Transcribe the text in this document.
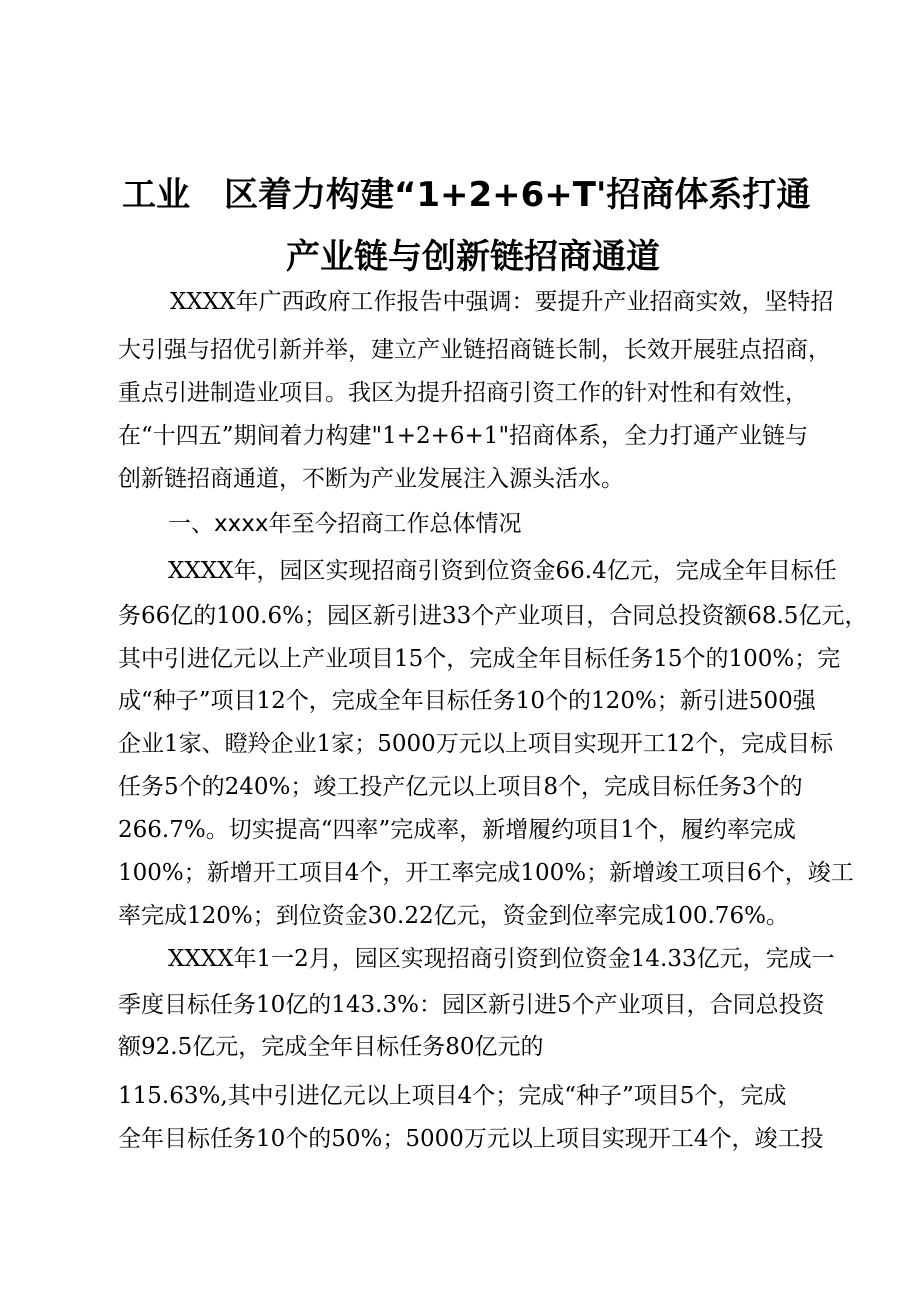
工业 区着力构建“1+2+6+T'招商体系打通
产业链与创新链招商通道
XXXX年广西政府工作报告中强调：要提升产业招商实效，坚特招
大引强与招优引新并举，建立产业链招商链长制，长效开展驻点招商，
重点引进制造业项目。我区为提升招商引资工作的针对性和有效性，
在“十四五”期间着力构建"1+2+6+1"招商体系，全力打通产业链与
创新链招商通道，不断为产业发展注入源头活水。
一、xxxx年至今招商工作总体情况
XXXX年，园区实现招商引资到位资金66.4亿元，完成全年目标任
务66亿的100.6%；园区新引进33个产业项目，合同总投资额68.5亿元，
其中引进亿元以上产业项目15个，完成全年目标任务15个的100%；完
成“种子”项目12个，完成全年目标任务10个的120%；新引进500强
企业1家、瞪羚企业1家；5000万元以上项目实现开工12个，完成目标
任务5个的240%；竣工投产亿元以上项目8个，完成目标任务3个的
266.7%。切实提高“四率”完成率，新增履约项目1个，履约率完成
100%；新增开工项目4个，开工率完成100%；新增竣工项目6个，竣工
率完成120%；到位资金30.22亿元，资金到位率完成100.76%。
XXXX年1一2月，园区实现招商引资到位资金14.33亿元，完成一
季度目标任务10亿的143.3%：园区新引进5个产业项目，合同总投资
额92.5亿元，完成全年目标任务80亿元的
115.63%,其中引进亿元以上项目4个；完成“种子”项目5个，完成
全年目标任务10个的50%；5000万元以上项目实现开工4个，竣工投
